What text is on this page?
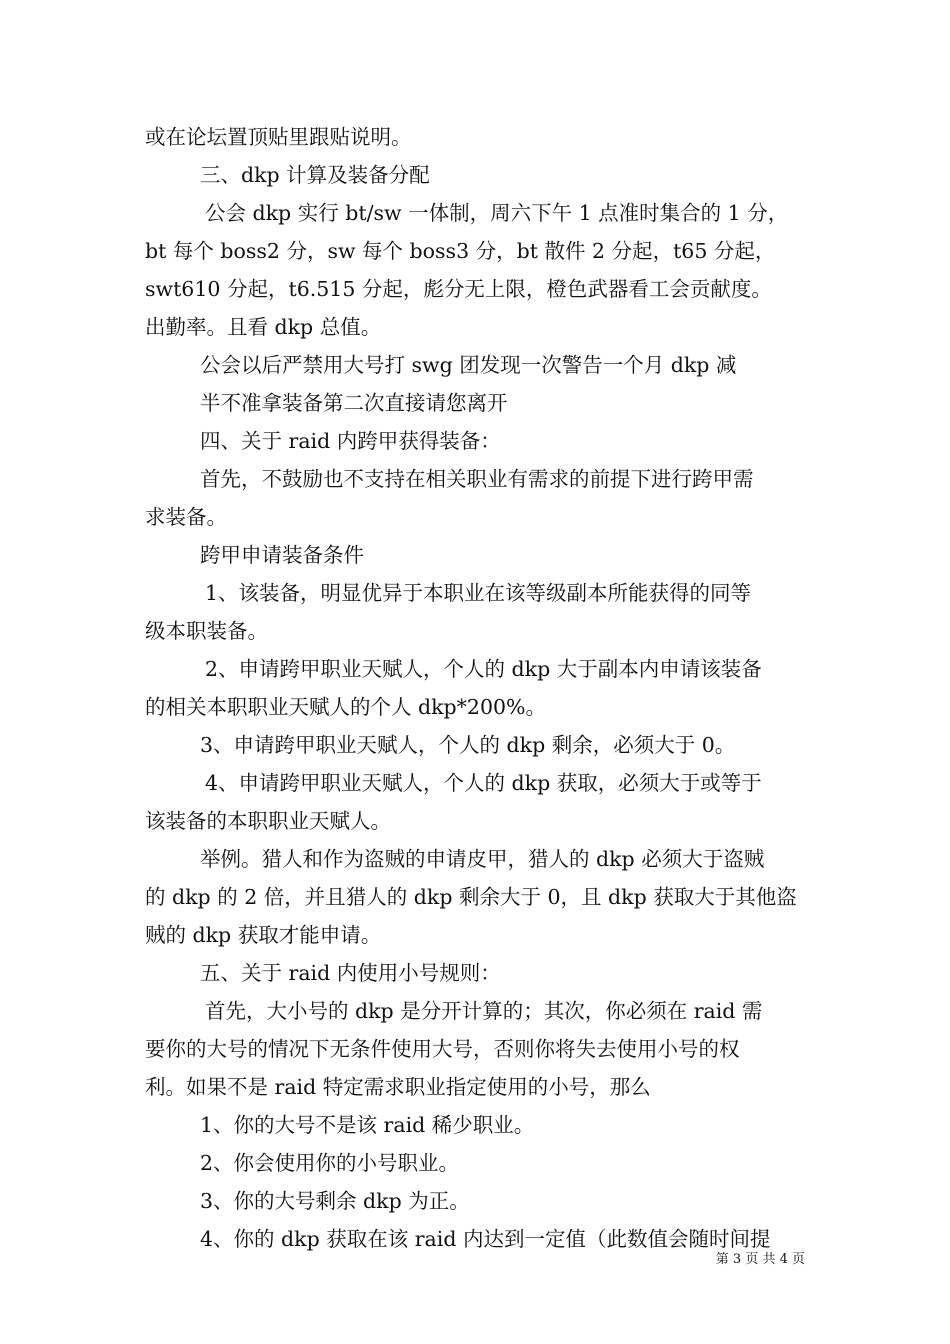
或在论坛置顶贴里跟贴说明。
三、dkp 计算及装备分配
公会 dkp 实行 bt/sw 一体制，周六下午 1 点准时集合的 1 分，
bt 每个 boss2 分，sw 每个 boss3 分，bt 散件 2 分起，t65 分起，
swt610 分起，t6.515 分起，彪分无上限，橙色武器看工会贡献度。
出勤率。且看 dkp 总值。
公会以后严禁用大号打 swg 团发现一次警告一个月 dkp 减
半不准拿装备第二次直接请您离开
四、关于 raid 内跨甲获得装备：
首先，不鼓励也不支持在相关职业有需求的前提下进行跨甲需
求装备。
跨甲申请装备条件
1、该装备，明显优异于本职业在该等级副本所能获得的同等
级本职装备。
2、申请跨甲职业天赋人，个人的 dkp 大于副本内申请该装备
的相关本职职业天赋人的个人 dkp*200%。
3、申请跨甲职业天赋人，个人的 dkp 剩余，必须大于 0。
4、申请跨甲职业天赋人，个人的 dkp 获取，必须大于或等于
该装备的本职职业天赋人。
举例。猎人和作为盗贼的申请皮甲，猎人的 dkp 必须大于盗贼
的 dkp 的 2 倍，并且猎人的 dkp 剩余大于 0，且 dkp 获取大于其他盗
贼的 dkp 获取才能申请。
五、关于 raid 内使用小号规则：
首先，大小号的 dkp 是分开计算的；其次，你必须在 raid 需
要你的大号的情况下无条件使用大号，否则你将失去使用小号的权
利。如果不是 raid 特定需求职业指定使用的小号，那么
1、你的大号不是该 raid 稀少职业。
2、你会使用你的小号职业。
3、你的大号剩余 dkp 为正。
4、你的 dkp 获取在该 raid 内达到一定值（此数值会随时间提
第 3 页 共 4 页
